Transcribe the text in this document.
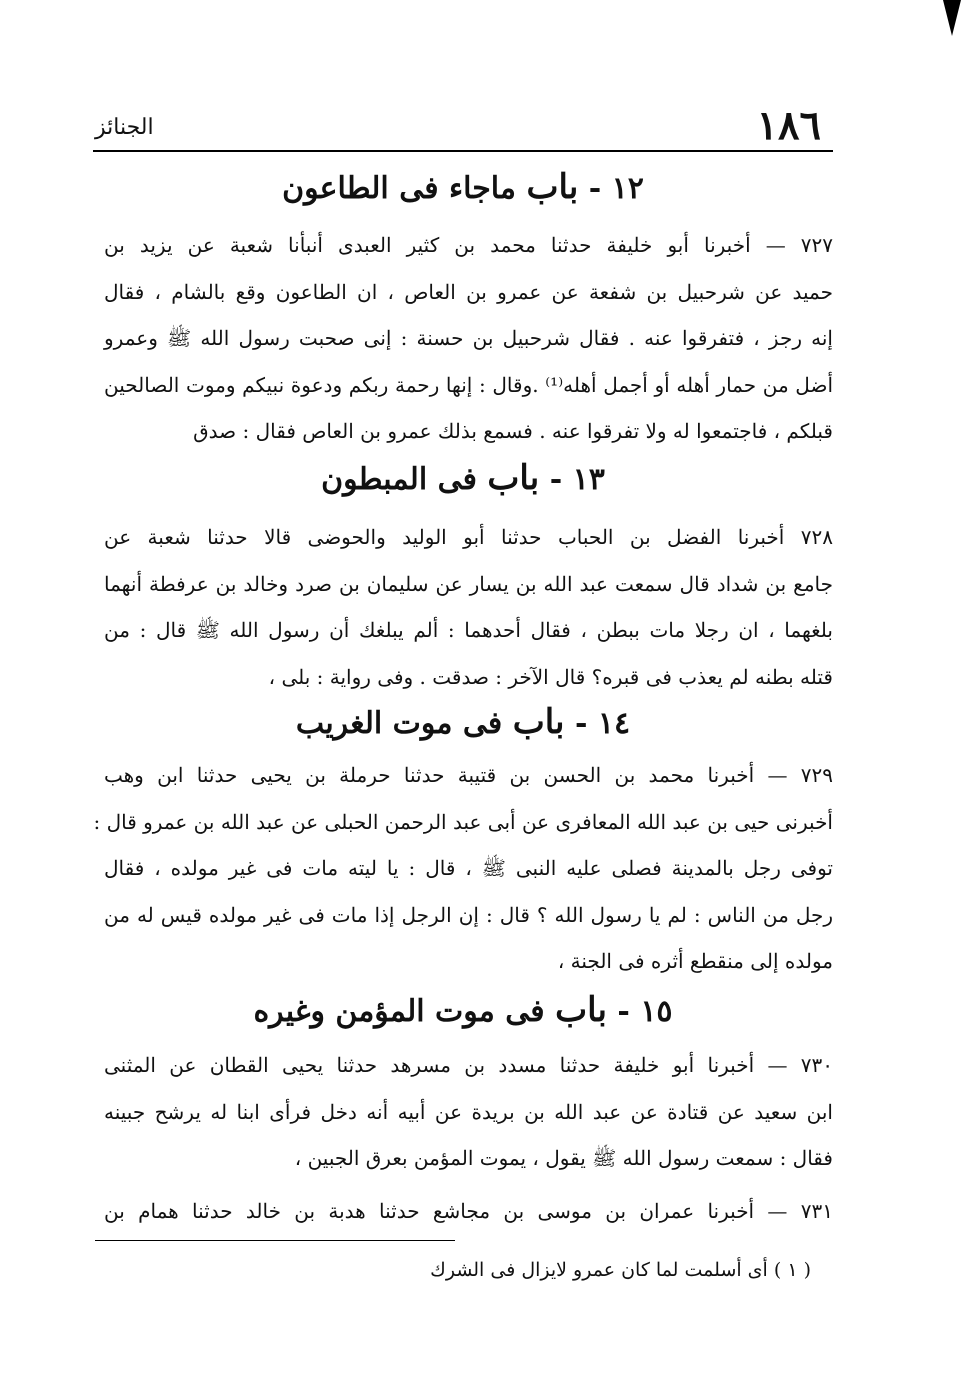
١٨٦
الجنائز
١٢ - باب ماجاء فى الطاعون
٧٢٧ — أخبرنا أبو خليفة حدثنا محمد بن كثير العبدى أنبأنا شعبة عن يزيد بن
حميد عن شرحبيل بن شفعة عن عمرو بن العاص ، ان الطاعون وقع بالشام ، فقال
إنه رجز ، فتفرقوا عنه . فقال شرحبيل بن حسنة : إنى صحبت رسول الله ﷺ وعمرو
أضل من حمار أهله أو أجمل أهله⁽¹⁾ .وقال : إنها رحمة ربكم ودعوة نبيكم وموت الصالحين
قبلكم ، فاجتمعوا له ولا تفرقوا عنه . فسمع بذلك عمرو بن العاص فقال : صدق
١٣ - باب فى المبطون
٧٢٨ أخبرنا الفضل بن الحباب حدثنا أبو الوليد والحوضى قالا حدثنا شعبة عن
جامع بن شداد قال سمعت عبد الله بن يسار عن سليمان بن صرد وخالد بن عرفطة أنهما
بلغهما ، ان رجلا مات ببطن ، فقال أحدهما : ألم يبلغك أن رسول الله ﷺ قال : من
قتله بطنه لم يعذب فى قبره؟ قال الآخر : صدقت . وفى رواية : بلى ،
١٤ - باب فى موت الغريب
٧٢٩ — أخبرنا محمد بن الحسن بن قتيبة حدثنا حرملة بن يحيى حدثنا ابن وهب
أخبرنى حيى بن عبد الله المعافرى عن أبى عبد الرحمن الحبلى عن عبد الله بن عمرو قال :
توفى رجل بالمدينة فصلى عليه النبى ﷺ ، قال : يا ليته مات فى غير مولده ، فقال
رجل من الناس : لم يا رسول الله ؟ قال : إن الرجل إذا مات فى غير مولده قيس له من
مولده إلى منقطع أثره فى الجنة ،
١٥ - باب فى موت المؤمن وغيره
٧٣٠ — أخبرنا أبو خليفة حدثنا مسدد بن مسرهد حدثنا يحيى القطان عن المثنى
ابن سعيد عن قتادة عن عبد الله بن بريدة عن أبيه أنه دخل فرأى ابنا له يرشح جبينه
فقال : سمعت رسول الله ﷺ يقول ، يموت المؤمن بعرق الجبين ،
٧٣١ — أخبرنا عمران بن موسى بن مجاشع حدثنا هدبة بن خالد حدثنا همام بن
( ١ ) أى أسلمت لما كان عمرو لايزال فى الشرك
